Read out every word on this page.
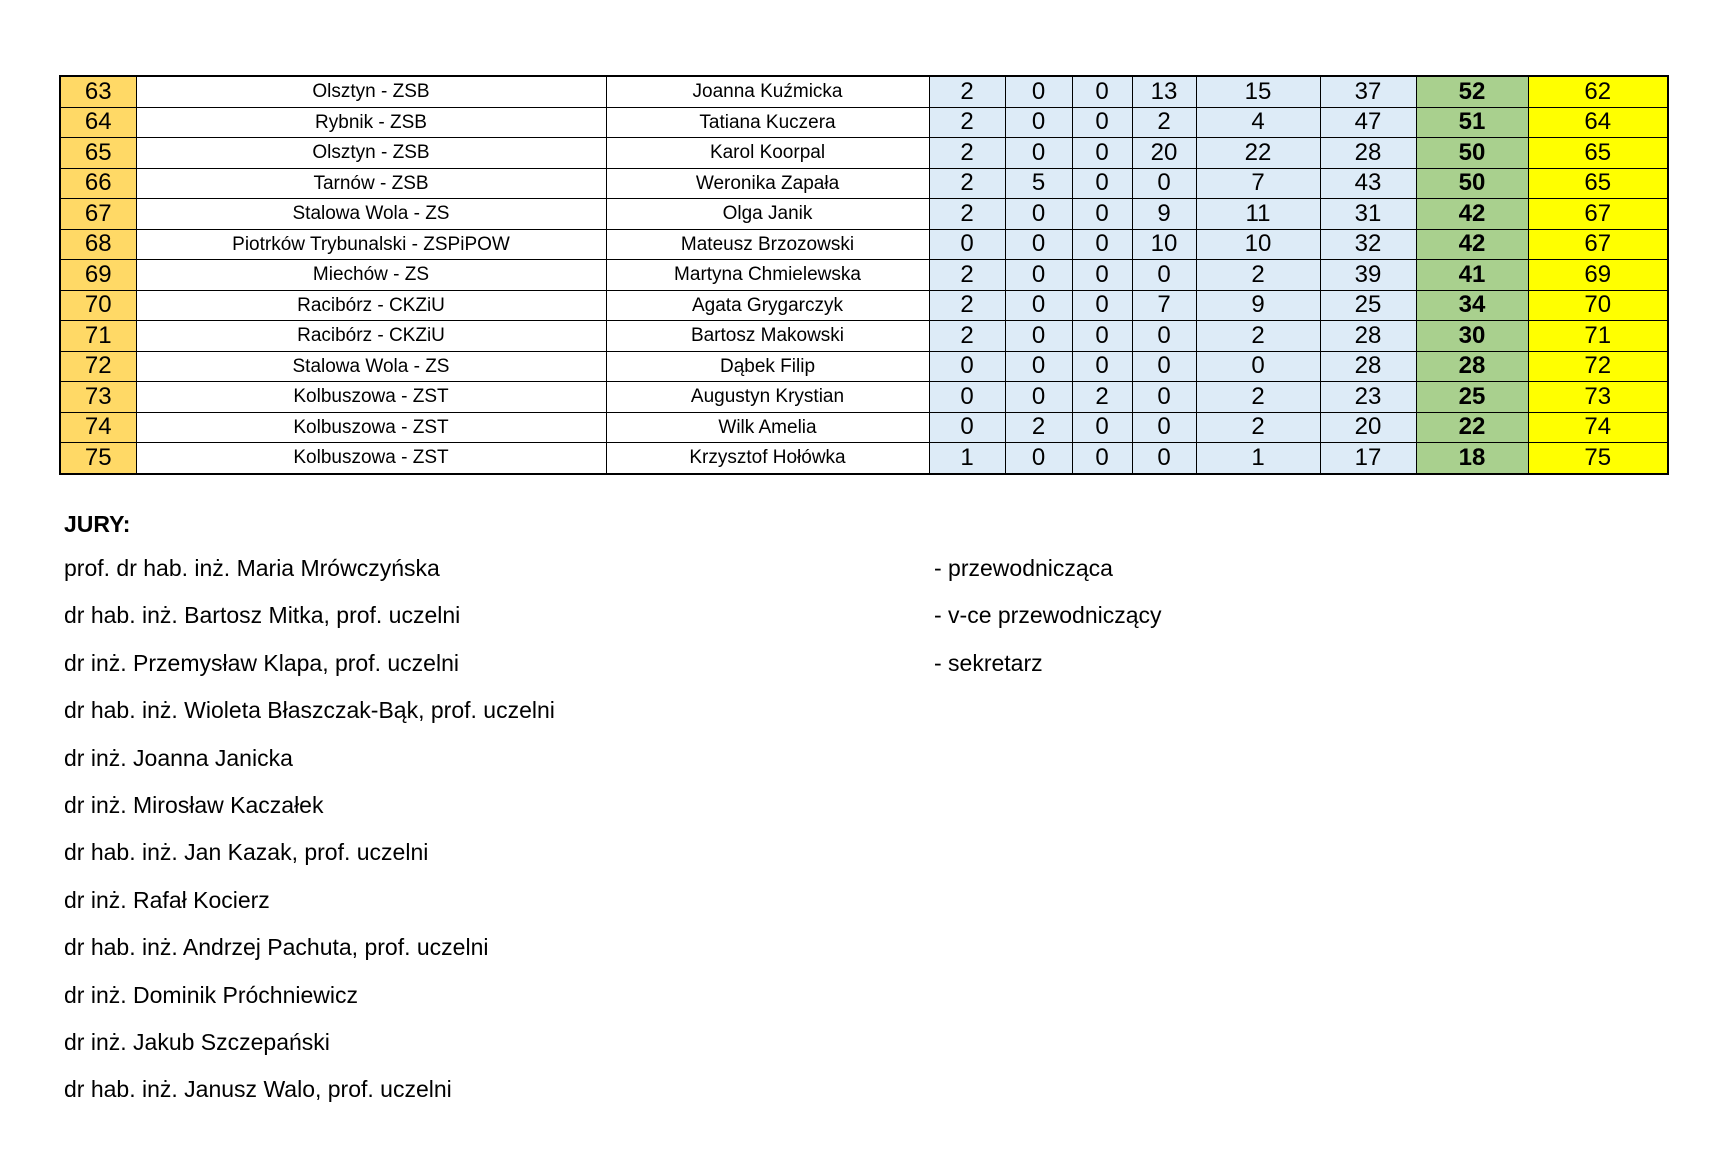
63	Olsztyn - ZSB	Joanna Kuźmicka	2	0	0	13	15	37	52	62
64	Rybnik - ZSB	Tatiana Kuczera	2	0	0	2	4	47	51	64
65	Olsztyn - ZSB	Karol Koorpal	2	0	0	20	22	28	50	65
66	Tarnów - ZSB	Weronika Zapała	2	5	0	0	7	43	50	65
67	Stalowa Wola - ZS	Olga Janik	2	0	0	9	11	31	42	67
68	Piotrków Trybunalski - ZSPiPOW	Mateusz Brzozowski	0	0	0	10	10	32	42	67
69	Miechów - ZS	Martyna Chmielewska	2	0	0	0	2	39	41	69
70	Racibórz - CKZiU	Agata Grygarczyk	2	0	0	7	9	25	34	70
71	Racibórz - CKZiU	Bartosz Makowski	2	0	0	0	2	28	30	71
72	Stalowa Wola - ZS	Dąbek Filip	0	0	0	0	0	28	28	72
73	Kolbuszowa - ZST	Augustyn Krystian	0	0	2	0	2	23	25	73
74	Kolbuszowa - ZST	Wilk Amelia	0	2	0	0	2	20	22	74
75	Kolbuszowa - ZST	Krzysztof Hołówka	1	0	0	0	1	17	18	75
JURY:
prof. dr hab. inż. Maria Mrówczyńska	- przewodnicząca
dr hab. inż. Bartosz Mitka, prof. uczelni	- v-ce przewodniczący
dr inż. Przemysław Klapa, prof. uczelni	- sekretarz
dr hab. inż. Wioleta Błaszczak-Bąk, prof. uczelni
dr inż. Joanna Janicka
dr inż. Mirosław Kaczałek
dr hab. inż. Jan Kazak, prof. uczelni
dr inż. Rafał Kocierz
dr hab. inż. Andrzej Pachuta, prof. uczelni
dr inż. Dominik Próchniewicz
dr inż. Jakub Szczepański
dr hab. inż. Janusz Walo, prof. uczelni
